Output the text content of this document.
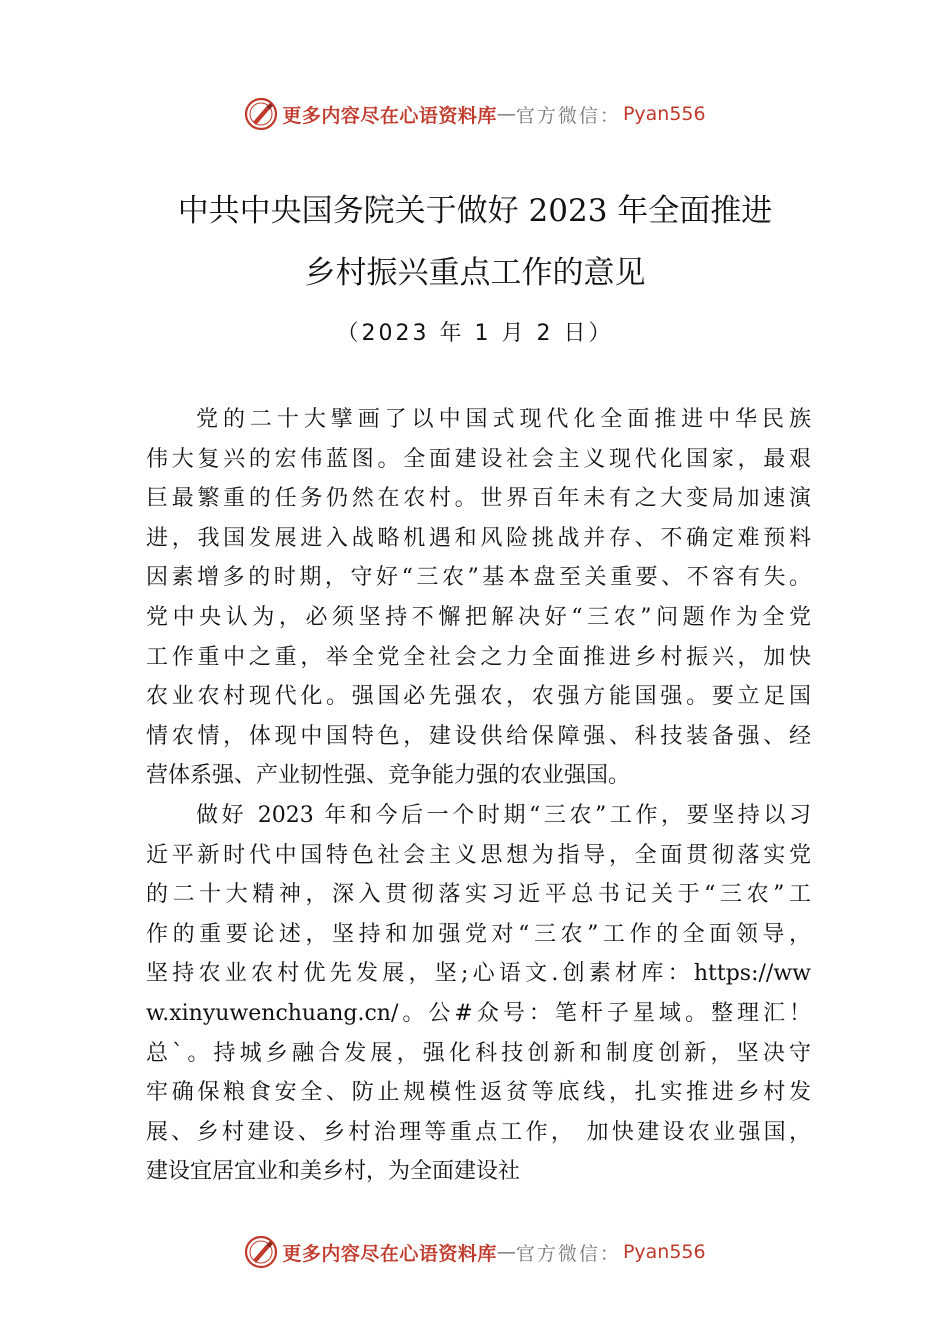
更多内容尽在心语资料库 — 官方微信： Pyan556
中共中央国务院关于做好 2023 年全面推进
乡村振兴重点工作的意见
（2023 年 1 月 2 日）
党的二十大擘画了以中国式现代化全面推进中华民族
伟大复兴的宏伟蓝图。全面建设社会主义现代化国家，最艰
巨最繁重的任务仍然在农村。世界百年未有之大变局加速演
进，我国发展进入战略机遇和风险挑战并存、不确定难预料
因素增多的时期，守好“三农”基本盘至关重要、不容有失。
党中央认为，必须坚持不懈把解决好“三农”问题作为全党
工作重中之重，举全党全社会之力全面推进乡村振兴，加快
农业农村现代化。强国必先强农，农强方能国强。要立足国
情农情，体现中国特色，建设供给保障强、科技装备强、经
营体系强、产业韧性强、竞争能力强的农业强国。
做好 2023 年和今后一个时期“三农”工作，要坚持以习
近平新时代中国特色社会主义思想为指导，全面贯彻落实党
的二十大精神，深入贯彻落实习近平总书记关于“三农”工
作的重要论述，坚持和加强党对“三农”工作的全面领导，
坚持农业农村优先发展，坚;心语文.创素材库：https://ww
w.xinyuwenchuang.cn/。公#众号：笔杆子星域。整理汇！
总`。持城乡融合发展，强化科技创新和制度创新，坚决守
牢确保粮食安全、防止规模性返贫等底线，扎实推进乡村发
展、乡村建设、乡村治理等重点工作， 加快建设农业强国，
建设宜居宜业和美乡村，为全面建设社
更多内容尽在心语资料库 — 官方微信： Pyan556
